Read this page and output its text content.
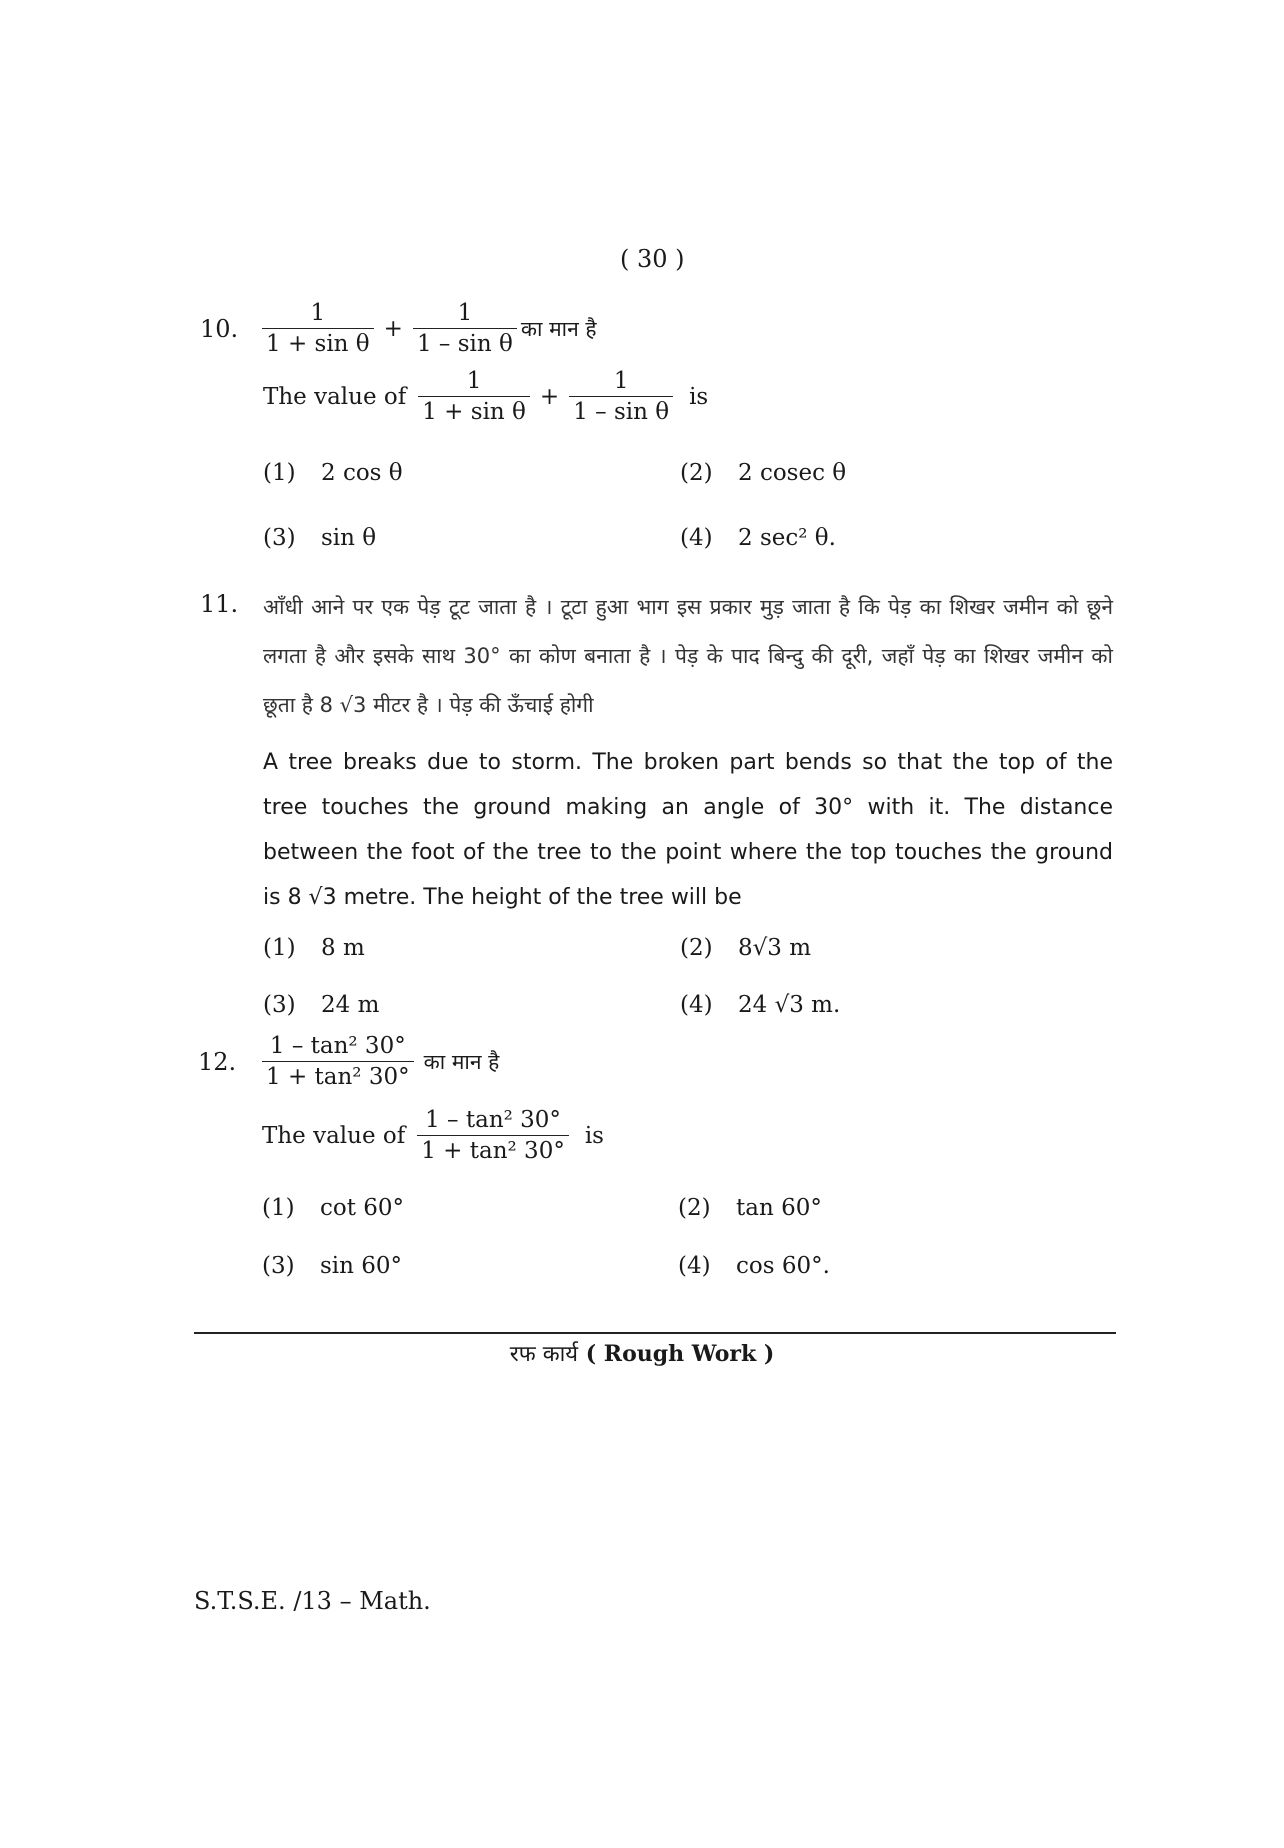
( 30 )
10. $\frac{1}{\text{1 + sin θ}} + \frac{1}{\text{1 – sin θ}}$ का मान है
The value of $\frac{1}{\text{1 + sin θ}} + \frac{1}{\text{1 – sin θ}}$ is
(1) 2 cos θ	(2) 2 cosec θ
(3) sin θ	(4) 2 sec² θ.
11. आँधी आने पर एक पेड़ टूट जाता है । टूटा हुआ भाग इस प्रकार मुड़ जाता है कि पेड़ का शिखर जमीन को छूने लगता है और इसके साथ 30° का कोण बनाता है । पेड़ के पाद बिन्दु की दूरी, जहाँ पेड़ का शिखर जमीन को छूता है 8 √3 मीटर है । पेड़ की ऊँचाई होगी
A tree breaks due to storm. The broken part bends so that the top of the tree touches the ground making an angle of 30° with it. The distance between the foot of the tree to the point where the top touches the ground is 8 √3 metre. The height of the tree will be
(1) 8 m	(2) 8√3 m
(3) 24 m	(4) 24 √3 m.
12. $\frac{\text{1 – tan² 30°}}{\text{1 + tan² 30°}}$ का मान है
The value of $\frac{\text{1 – tan² 30°}}{\text{1 + tan² 30°}}$ is
(1) cot 60°	(2) tan 60°
(3) sin 60°	(4) cos 60°.
रफ कार्य ( Rough Work )
S.T.S.E. /13 – Math.
